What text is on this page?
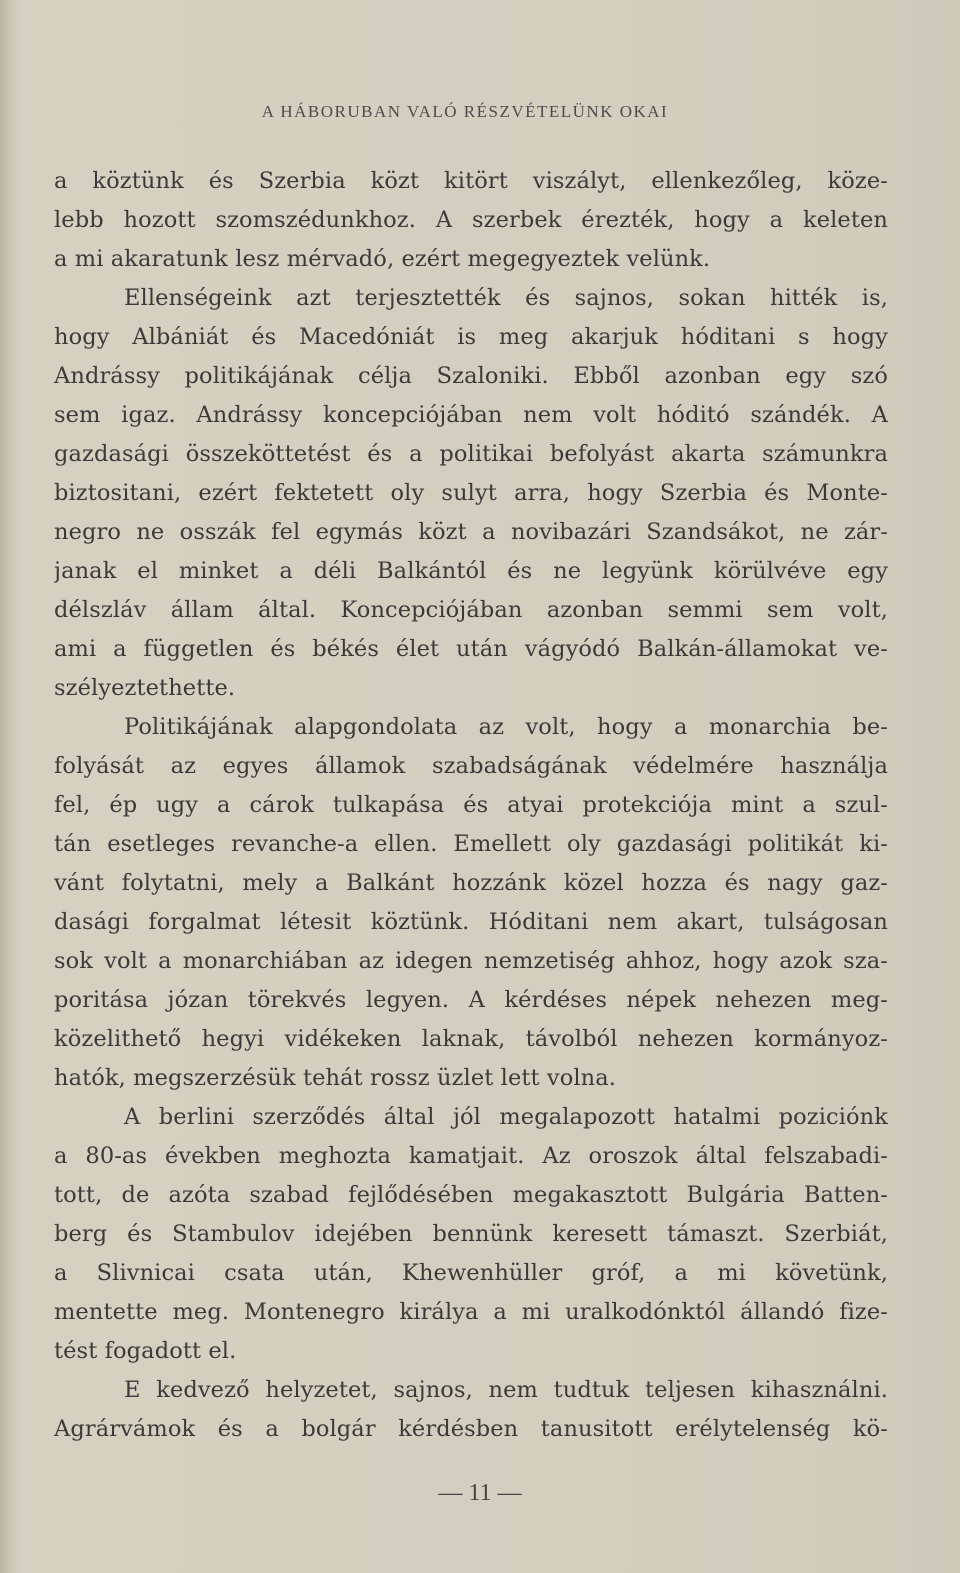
A HÁBORUBAN VALÓ RÉSZVÉTELÜNK OKAI
a köztünk és Szerbia közt kitört viszályt, ellenkezőleg, köze-
lebb hozott szomszédunkhoz. A szerbek érezték, hogy a keleten
a mi akaratunk lesz mérvadó, ezért megegyeztek velünk.
Ellenségeink azt terjesztették és sajnos, sokan hitték is,
hogy Albániát és Macedóniát is meg akarjuk hóditani s hogy
Andrássy politikájának célja Szaloniki. Ebből azonban egy szó
sem igaz. Andrássy koncepciójában nem volt hóditó szándék. A
gazdasági összeköttetést és a politikai befolyást akarta számunkra
biztositani, ezért fektetett oly sulyt arra, hogy Szerbia és Monte-
negro ne osszák fel egymás közt a novibazári Szandsákot, ne zár-
janak el minket a déli Balkántól és ne legyünk körülvéve egy
délszláv állam által. Koncepciójában azonban semmi sem volt,
ami a független és békés élet után vágyódó Balkán-államokat ve-
szélyeztethette.
Politikájának alapgondolata az volt, hogy a monarchia be-
folyását az egyes államok szabadságának védelmére használja
fel, ép ugy a cárok tulkapása és atyai protekciója mint a szul-
tán esetleges revanche-a ellen. Emellett oly gazdasági politikát ki-
vánt folytatni, mely a Balkánt hozzánk közel hozza és nagy gaz-
dasági forgalmat létesit köztünk. Hóditani nem akart, tulságosan
sok volt a monarchiában az idegen nemzetiség ahhoz, hogy azok sza-
poritása józan törekvés legyen. A kérdéses népek nehezen meg-
közelithető hegyi vidékeken laknak, távolból nehezen kormányoz-
hatók, megszerzésük tehát rossz üzlet lett volna.
A berlini szerződés által jól megalapozott hatalmi poziciónk
a 80-as években meghozta kamatjait. Az oroszok által felszabadi-
tott, de azóta szabad fejlődésében megakasztott Bulgária Batten-
berg és Stambulov idejében bennünk keresett támaszt. Szerbiát,
a Slivnicai csata után, Khewenhüller gróf, a mi követünk,
mentette meg. Montenegro királya a mi uralkodónktól állandó fize-
tést fogadott el.
E kedvező helyzetet, sajnos, nem tudtuk teljesen kihasználni.
Agrárvámok és a bolgár kérdésben tanusitott erélytelenség kö-
— 11 —
